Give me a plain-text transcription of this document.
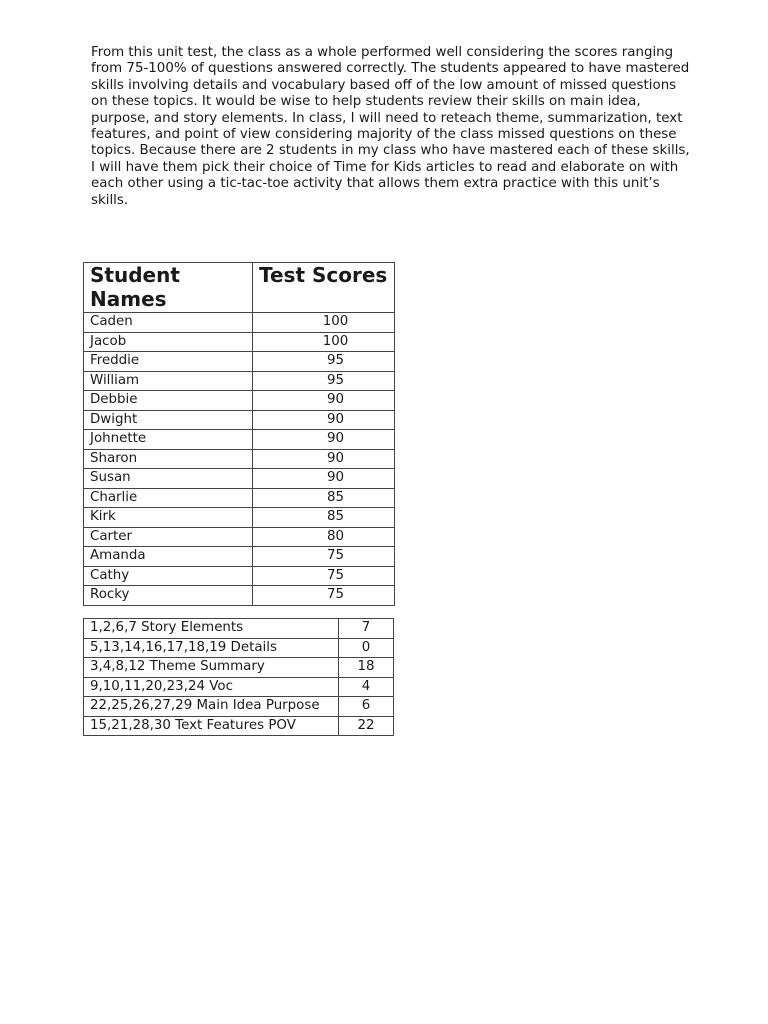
From this unit test, the class as a whole performed well considering the scores ranging from 75-100% of questions answered correctly. The students appeared to have mastered skills involving details and vocabulary based off of the low amount of missed questions on these topics. It would be wise to help students review their skills on main idea, purpose, and story elements. In class, I will need to reteach theme, summarization, text features, and point of view considering majority of the class missed questions on these topics. Because there are 2 students in my class who have mastered each of these skills, I will have them pick their choice of Time for Kids articles to read and elaborate on with each other using a tic-tac-toe activity that allows them extra practice with this unit’s skills.

Student Names	Test Scores
Caden	100
Jacob	100
Freddie	95
William	95
Debbie	90
Dwight	90
Johnette	90
Sharon	90
Susan	90
Charlie	85
Kirk	85
Carter	80
Amanda	75
Cathy	75
Rocky	75
1,2,6,7 Story Elements	7
5,13,14,16,17,18,19 Details	0
3,4,8,12 Theme Summary	18
9,10,11,20,23,24 Voc	4
22,25,26,27,29 Main Idea Purpose	6
15,21,28,30 Text Features POV	22
